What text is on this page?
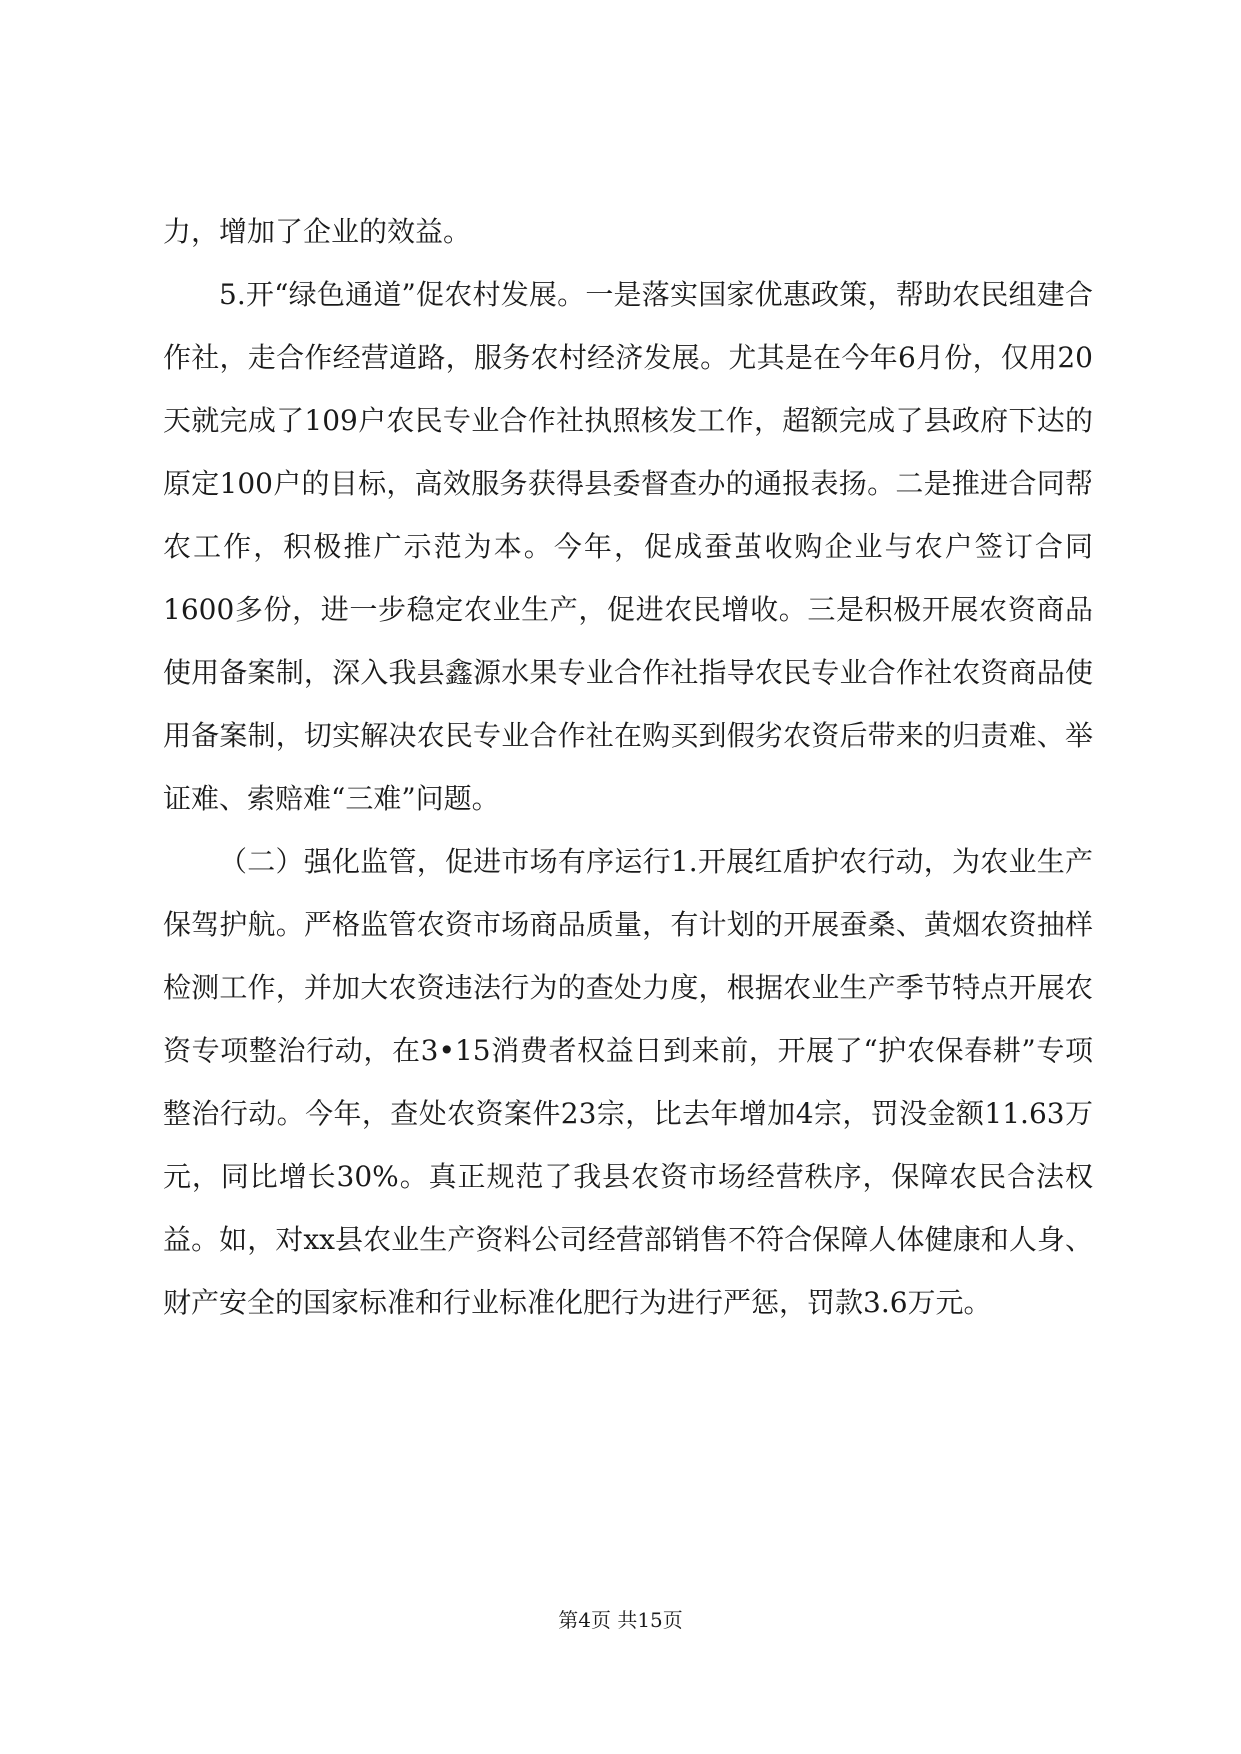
力，增加了企业的效益。

5.开“绿色通道”促农村发展。一是落实国家优惠政策，帮助农民组建合作社，走合作经营道路，服务农村经济发展。尤其是在今年6月份，仅用20天就完成了109户农民专业合作社执照核发工作，超额完成了县政府下达的原定100户的目标，高效服务获得县委督查办的通报表扬。二是推进合同帮农工作，积极推广示范为本。今年，促成蚕茧收购企业与农户签订合同1600多份，进一步稳定农业生产，促进农民增收。三是积极开展农资商品使用备案制，深入我县鑫源水果专业合作社指导农民专业合作社农资商品使用备案制，切实解决农民专业合作社在购买到假劣农资后带来的归责难、举证难、索赔难“三难”问题。

（二）强化监管，促进市场有序运行1.开展红盾护农行动，为农业生产保驾护航。严格监管农资市场商品质量，有计划的开展蚕桑、黄烟农资抽样检测工作，并加大农资违法行为的查处力度，根据农业生产季节特点开展农资专项整治行动，在3•15消费者权益日到来前，开展了“护农保春耕”专项整治行动。今年，查处农资案件23宗，比去年增加4宗，罚没金额11.63万元，同比增长30%。真正规范了我县农资市场经营秩序，保障农民合法权益。如，对xx县农业生产资料公司经营部销售不符合保障人体健康和人身、财产安全的国家标准和行业标准化肥行为进行严惩，罚款3.6万元。

第4页 共15页
